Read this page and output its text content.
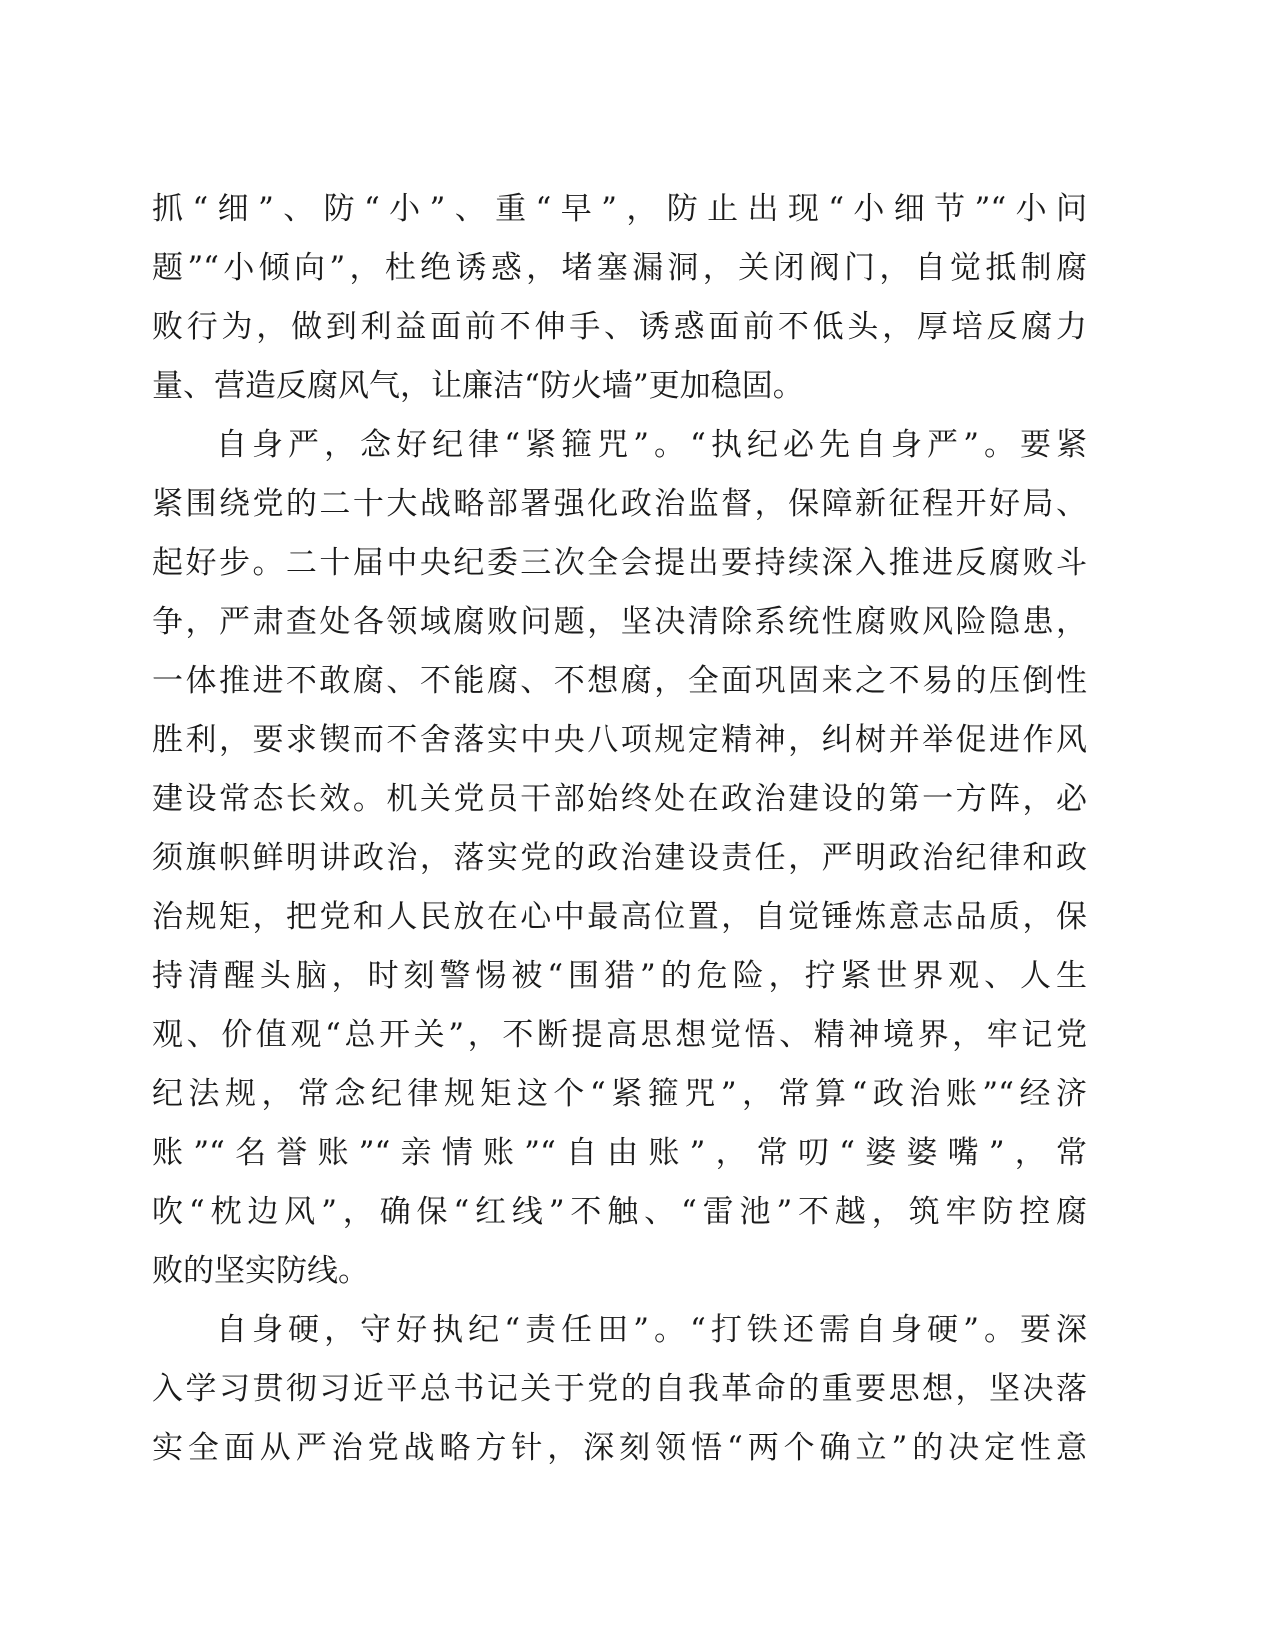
抓“细”、防“小”、重“早”，防止出现“小细节”“小问
题”“小倾向”，杜绝诱惑，堵塞漏洞，关闭阀门，自觉抵制腐
败行为，做到利益面前不伸手、诱惑面前不低头，厚培反腐力
量、营造反腐风气，让廉洁“防火墙”更加稳固。
自身严，念好纪律“紧箍咒”。“执纪必先自身严”。要紧
紧围绕党的二十大战略部署强化政治监督，保障新征程开好局、
起好步。二十届中央纪委三次全会提出要持续深入推进反腐败斗
争，严肃查处各领域腐败问题，坚决清除系统性腐败风险隐患，
一体推进不敢腐、不能腐、不想腐，全面巩固来之不易的压倒性
胜利，要求锲而不舍落实中央八项规定精神，纠树并举促进作风
建设常态长效。机关党员干部始终处在政治建设的第一方阵，必
须旗帜鲜明讲政治，落实党的政治建设责任，严明政治纪律和政
治规矩，把党和人民放在心中最高位置，自觉锤炼意志品质，保
持清醒头脑，时刻警惕被“围猎”的危险，拧紧世界观、人生
观、价值观“总开关”，不断提高思想觉悟、精神境界，牢记党
纪法规，常念纪律规矩这个“紧箍咒”，常算“政治账”“经济
账”“名誉账”“亲情账”“自由账”，常叨“婆婆嘴”，常
吹“枕边风”，确保“红线”不触、“雷池”不越，筑牢防控腐
败的坚实防线。
自身硬，守好执纪“责任田”。“打铁还需自身硬”。要深
入学习贯彻习近平总书记关于党的自我革命的重要思想，坚决落
实全面从严治党战略方针，深刻领悟“两个确立”的决定性意
